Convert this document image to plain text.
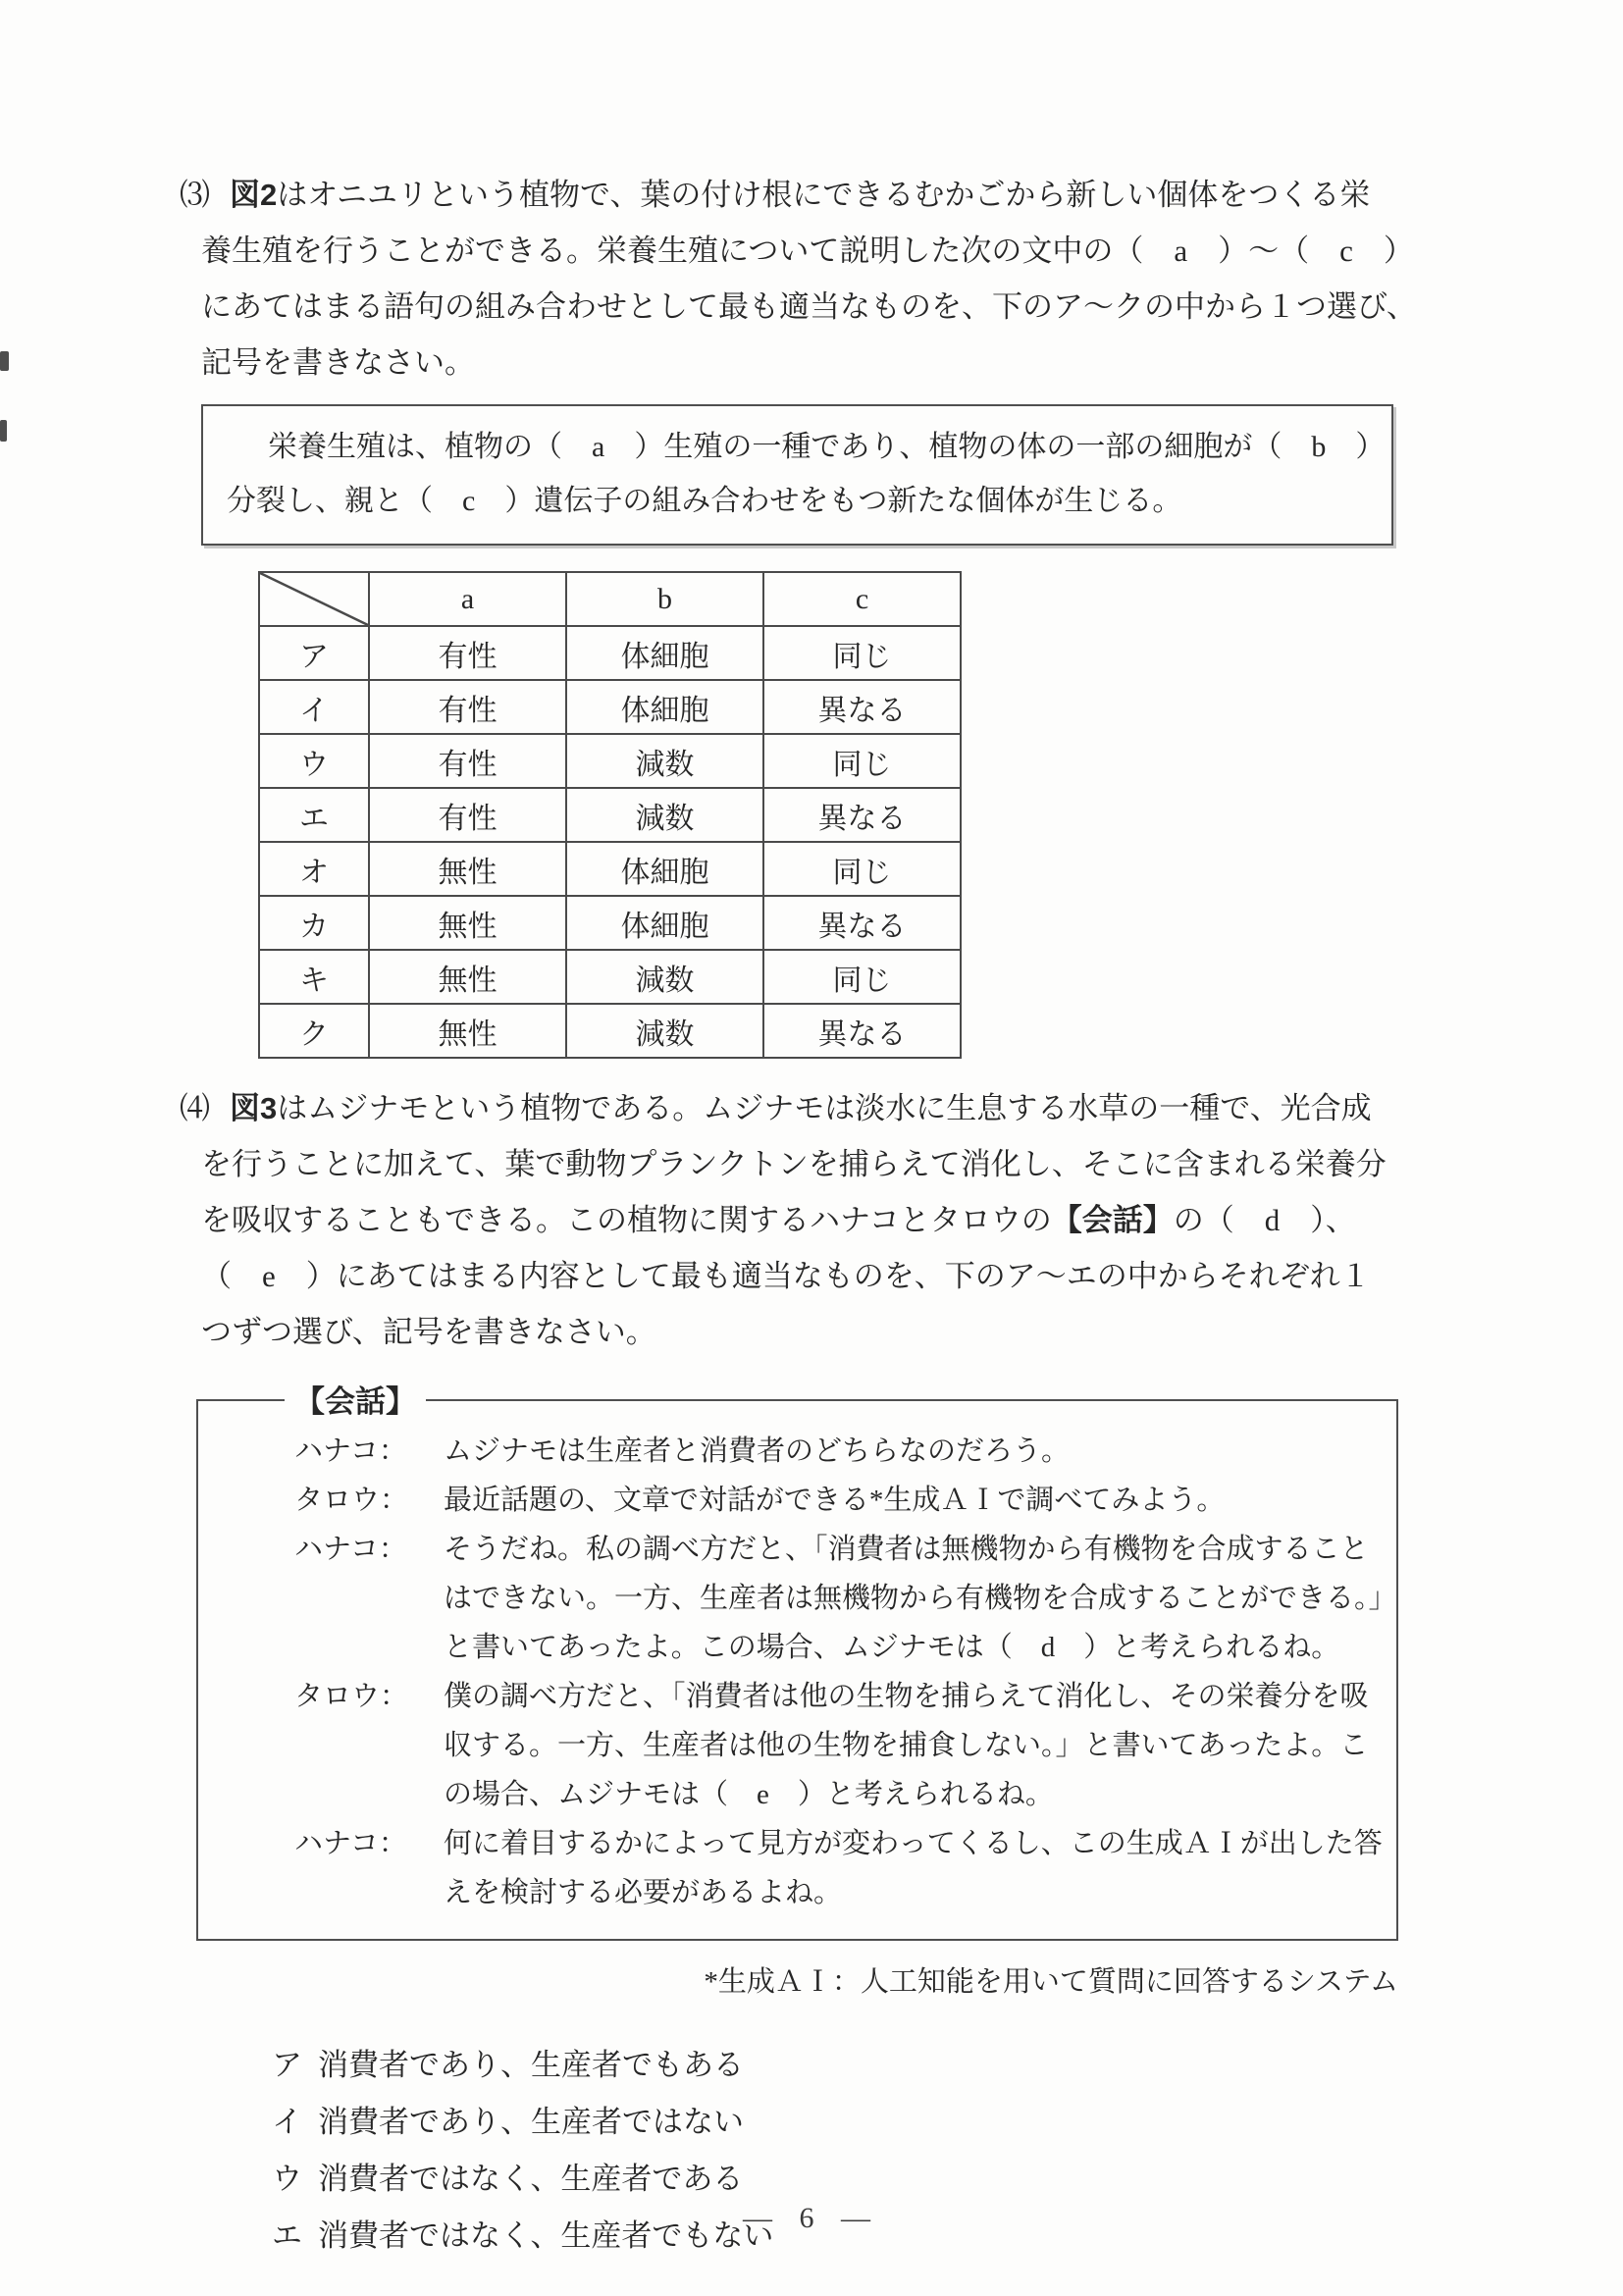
⑶ 図2はオニユリという植物で、葉の付け根にできるむかごから新しい個体をつくる栄
養生殖を行うことができる。栄養生殖について説明した次の文中の（　a　）～（　c　）
にあてはまる語句の組み合わせとして最も適当なものを、下のア～クの中から１つ選び、
記号を書きなさい。
栄養生殖は、植物の（　a　）生殖の一種であり、植物の体の一部の細胞が（　b　）
分裂し、親と（　c　）遺伝子の組み合わせをもつ新たな個体が生じる。
	a	b	c
ア	有性	体細胞	同じ
イ	有性	体細胞	異なる
ウ	有性	減数	同じ
エ	有性	減数	異なる
オ	無性	体細胞	同じ
カ	無性	体細胞	異なる
キ	無性	減数	同じ
ク	無性	減数	異なる
⑷ 図3はムジナモという植物である。ムジナモは淡水に生息する水草の一種で、光合成
を行うことに加えて、葉で動物プランクトンを捕らえて消化し、そこに含まれる栄養分
を吸収することもできる。この植物に関するハナコとタロウの【会話】の（　d　）、
（　e　）にあてはまる内容として最も適当なものを、下のア～エの中からそれぞれ１
つずつ選び、記号を書きなさい。
【会話】
ハナコ：	ムジナモは生産者と消費者のどちらなのだろう。
タロウ：	最近話題の、文章で対話ができる*生成ＡＩで調べてみよう。
ハナコ：	そうだね。私の調べ方だと、「消費者は無機物から有機物を合成すること
はできない。一方、生産者は無機物から有機物を合成することができる。」
と書いてあったよ。この場合、ムジナモは（　d　）と考えられるね。
タロウ：	僕の調べ方だと、「消費者は他の生物を捕らえて消化し、その栄養分を吸
収する。一方、生産者は他の生物を捕食しない。」と書いてあったよ。こ
の場合、ムジナモは（　e　）と考えられるね。
ハナコ：	何に着目するかによって見方が変わってくるし、この生成ＡＩが出した答
えを検討する必要があるよね。
*生成ＡＩ：人工知能を用いて質問に回答するシステム
ア 消費者であり、生産者でもある
イ 消費者であり、生産者ではない
ウ 消費者ではなく、生産者である
エ 消費者ではなく、生産者でもない
— 6 —
